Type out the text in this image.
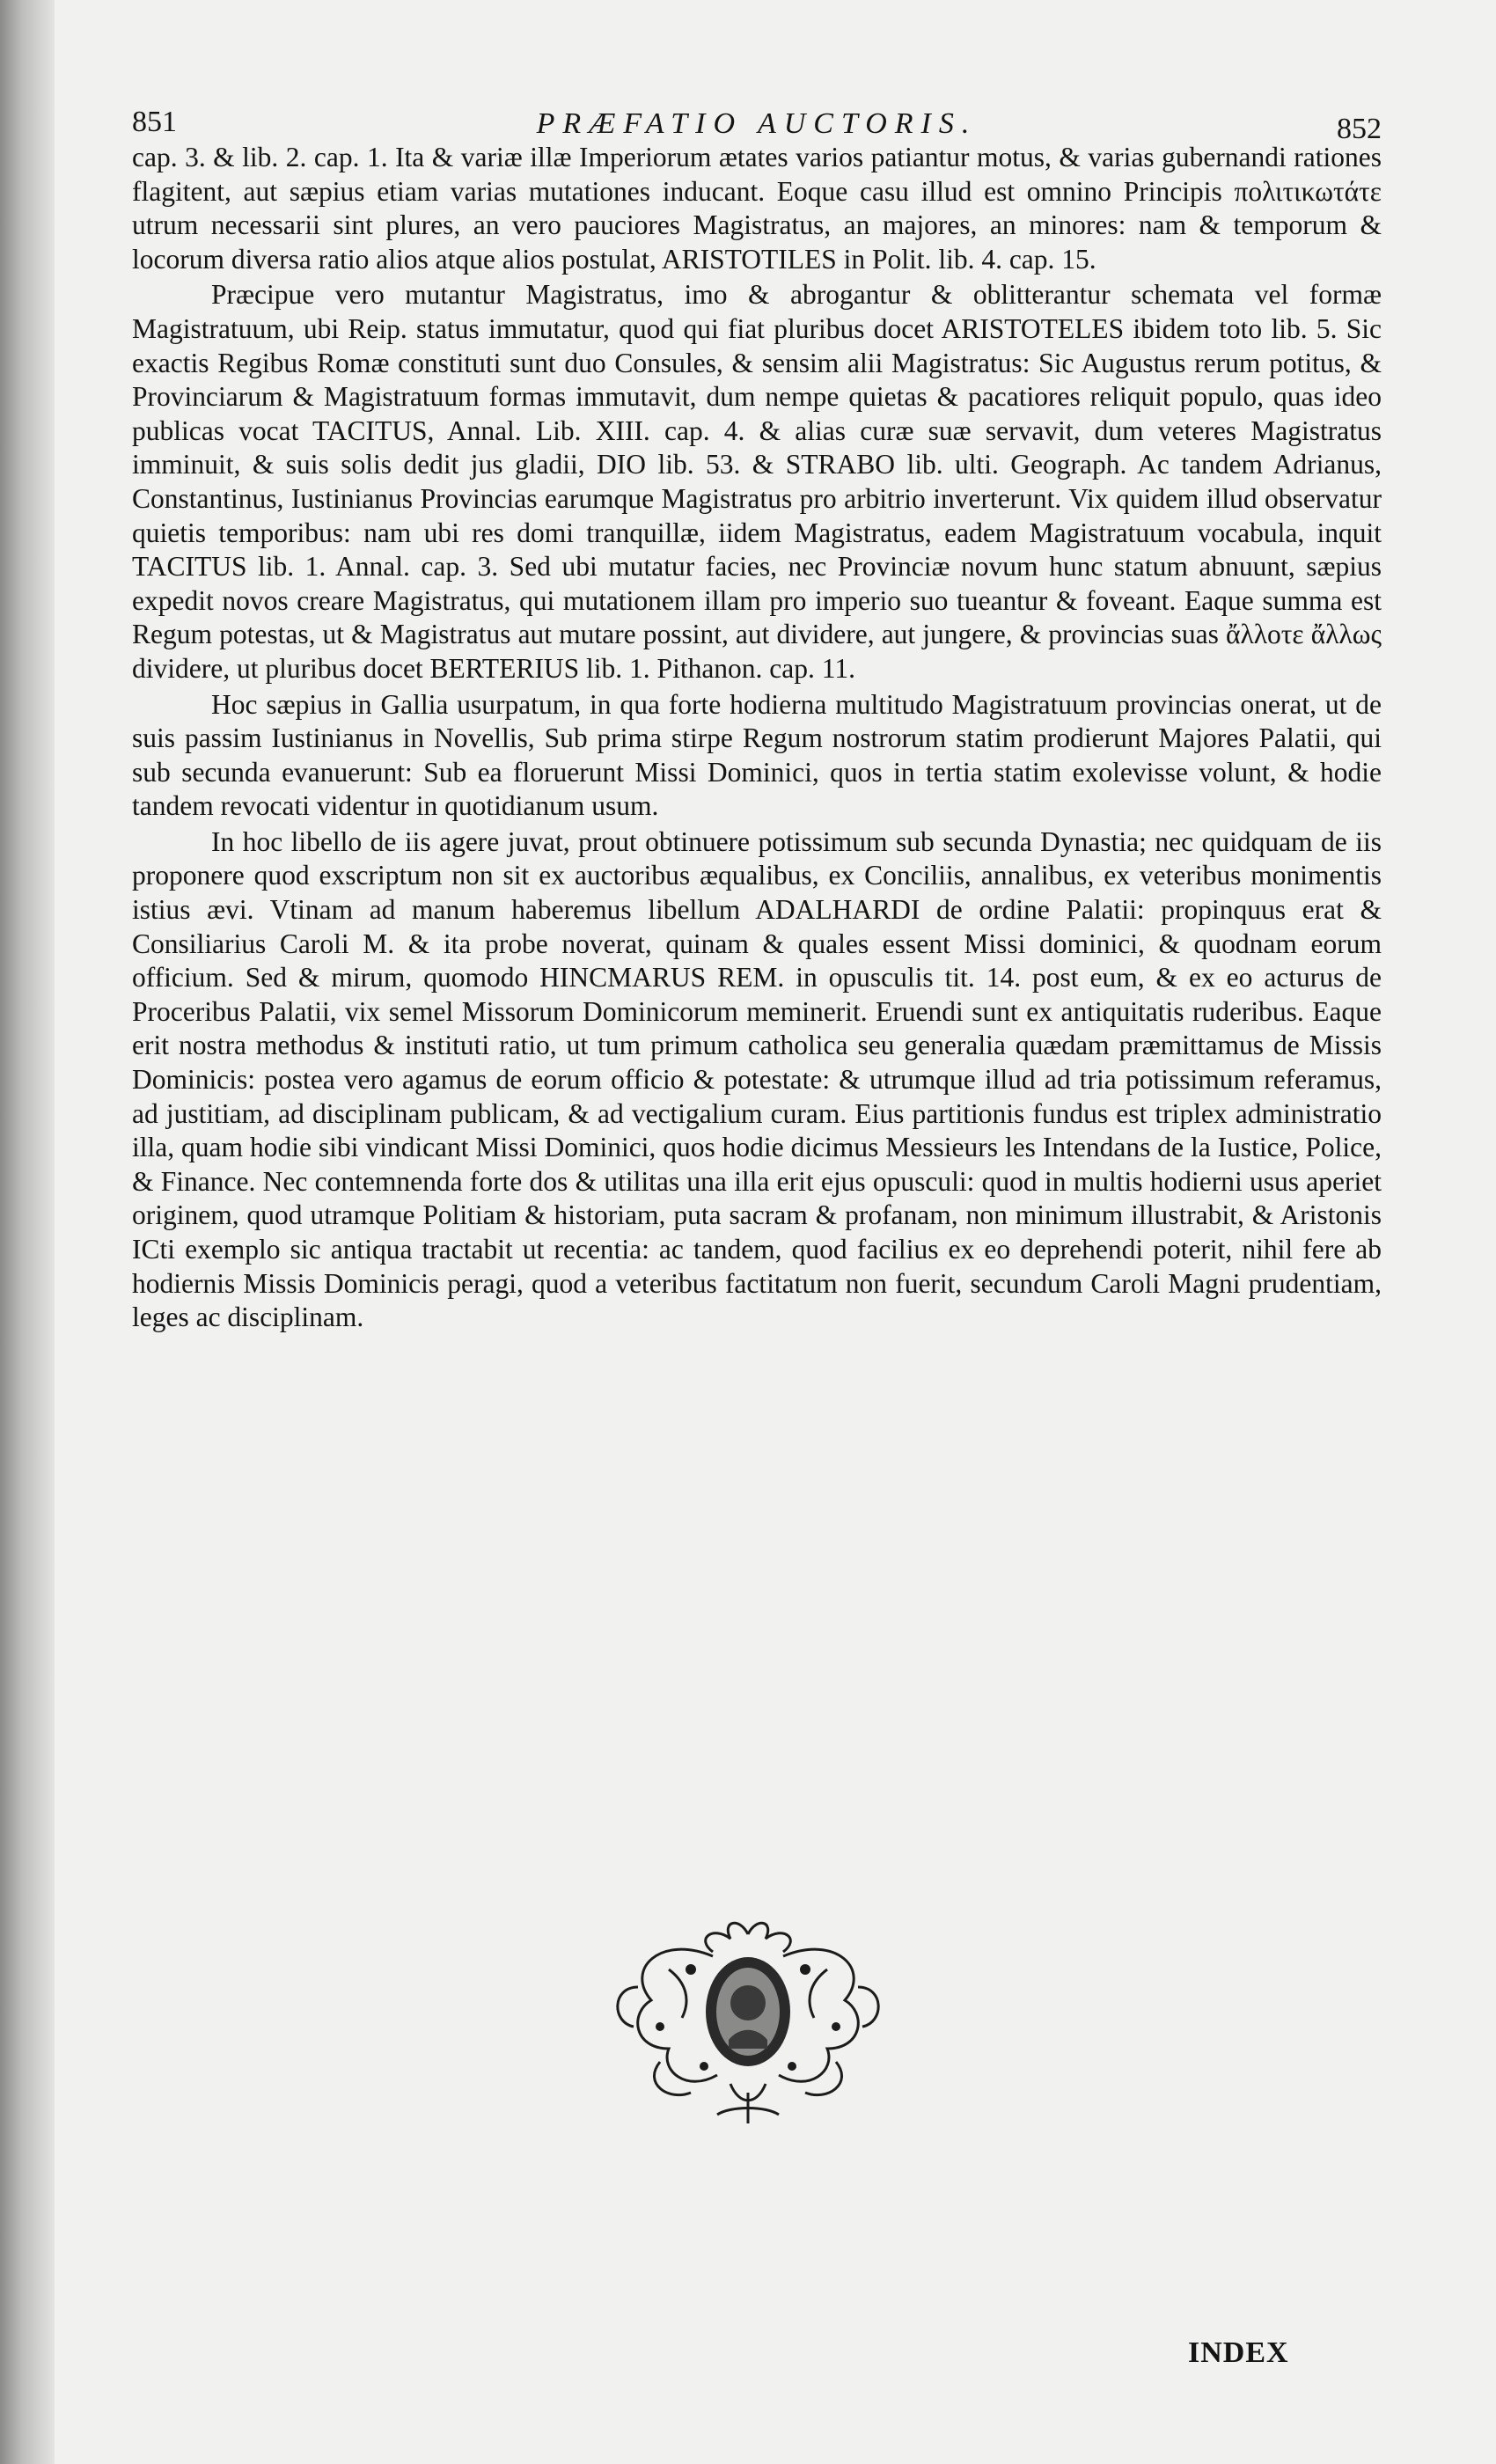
851	PRÆFATIO AUCTORIS.	852

cap. 3. & lib. 2. cap. 1. Ita & variæ illæ Imperiorum ætates varios patiantur motus, & varias gubernandi rationes flagitent, aut sæpius etiam varias mutationes inducant. Eoque casu illud est omnino Principis πολιτικωτάτε utrum necessarii sint plures, an vero pauciores Magistratus, an majores, an minores: nam & temporum & locorum diversa ratio alios atque alios postulat, ARISTOTILES in Polit. lib. 4. cap. 15.

Præcipue vero mutantur Magistratus, imo & abrogantur & oblitterantur schemata vel formæ Magistratuum, ubi Reip. status immutatur, quod qui fiat pluribus docet ARISTOTELES ibidem toto lib. 5. Sic exactis Regibus Romæ constituti sunt duo Consules, & sensim alii Magistratus: Sic Augustus rerum potitus, & Provinciarum & Magistratuum formas immutavit, dum nempe quietas & pacatiores reliquit populo, quas ideo publicas vocat TACITUS, Annal. Lib. XIII. cap. 4. & alias curæ suæ servavit, dum veteres Magistratus imminuit, & suis solis dedit jus gladii, DIO lib. 53. & STRABO lib. ulti. Geograph. Ac tandem Adrianus, Constantinus, Iustinianus Provincias earumque Magistratus pro arbitrio inverterunt. Vix quidem illud observatur quietis temporibus: nam ubi res domi tranquillæ, iidem Magistratus, eadem Magistratuum vocabula, inquit TACITUS lib. 1. Annal. cap. 3. Sed ubi mutatur facies, nec Provinciæ novum hunc statum abnuunt, sæpius expedit novos creare Magistratus, qui mutationem illam pro imperio suo tueantur & foveant. Eaque summa est Regum potestas, ut & Magistratus aut mutare possint, aut dividere, aut jungere, & provincias suas ἄλλοτε ἄλλως dividere, ut pluribus docet BERTERIUS lib. 1. Pithanon. cap. 11.

Hoc sæpius in Gallia usurpatum, in qua forte hodierna multitudo Magistratuum provincias onerat, ut de suis passim Iustinianus in Novellis, Sub prima stirpe Regum nostrorum statim prodierunt Majores Palatii, qui sub secunda evanuerunt: Sub ea floruerunt Missi Dominici, quos in tertia statim exolevisse volunt, & hodie tandem revocati videntur in quotidianum usum.

In hoc libello de iis agere juvat, prout obtinuere potissimum sub secunda Dynastia; nec quidquam de iis proponere quod exscriptum non sit ex auctoribus æqualibus, ex Conciliis, annalibus, ex veteribus monimentis istius ævi. Vtinam ad manum haberemus libellum ADALHARDI de ordine Palatii: propinquus erat & Consiliarius Caroli M. & ita probe noverat, quinam & quales essent Missi dominici, & quodnam eorum officium. Sed & mirum, quomodo HINCMARUS REM. in opusculis tit. 14. post eum, & ex eo acturus de Proceribus Palatii, vix semel Missorum Dominicorum meminerit. Eruendi sunt ex antiquitatis ruderibus. Eaque erit nostra methodus & instituti ratio, ut tum primum catholica seu generalia quædam præmittamus de Missis Dominicis: postea vero agamus de eorum officio & potestate: & utrumque illud ad tria potissimum referamus, ad justitiam, ad disciplinam publicam, & ad vectigalium curam. Eius partitionis fundus est triplex administratio illa, quam hodie sibi vindicant Missi Dominici, quos hodie dicimus Messieurs les Intendans de la Iustice, Police, & Finance. Nec contemnenda forte dos & utilitas una illa erit ejus opusculi: quod in multis hodierni usus aperiet originem, quod utramque Politiam & historiam, puta sacram & profanam, non minimum illustrabit, & Aristonis ICti exemplo sic antiqua tractabit ut recentia: ac tandem, quod facilius ex eo deprehendi poterit, nihil fere ab hodiernis Missis Dominicis peragi, quod a veteribus factitatum non fuerit, secundum Caroli Magni prudentiam, leges ac disciplinam.

INDEX
